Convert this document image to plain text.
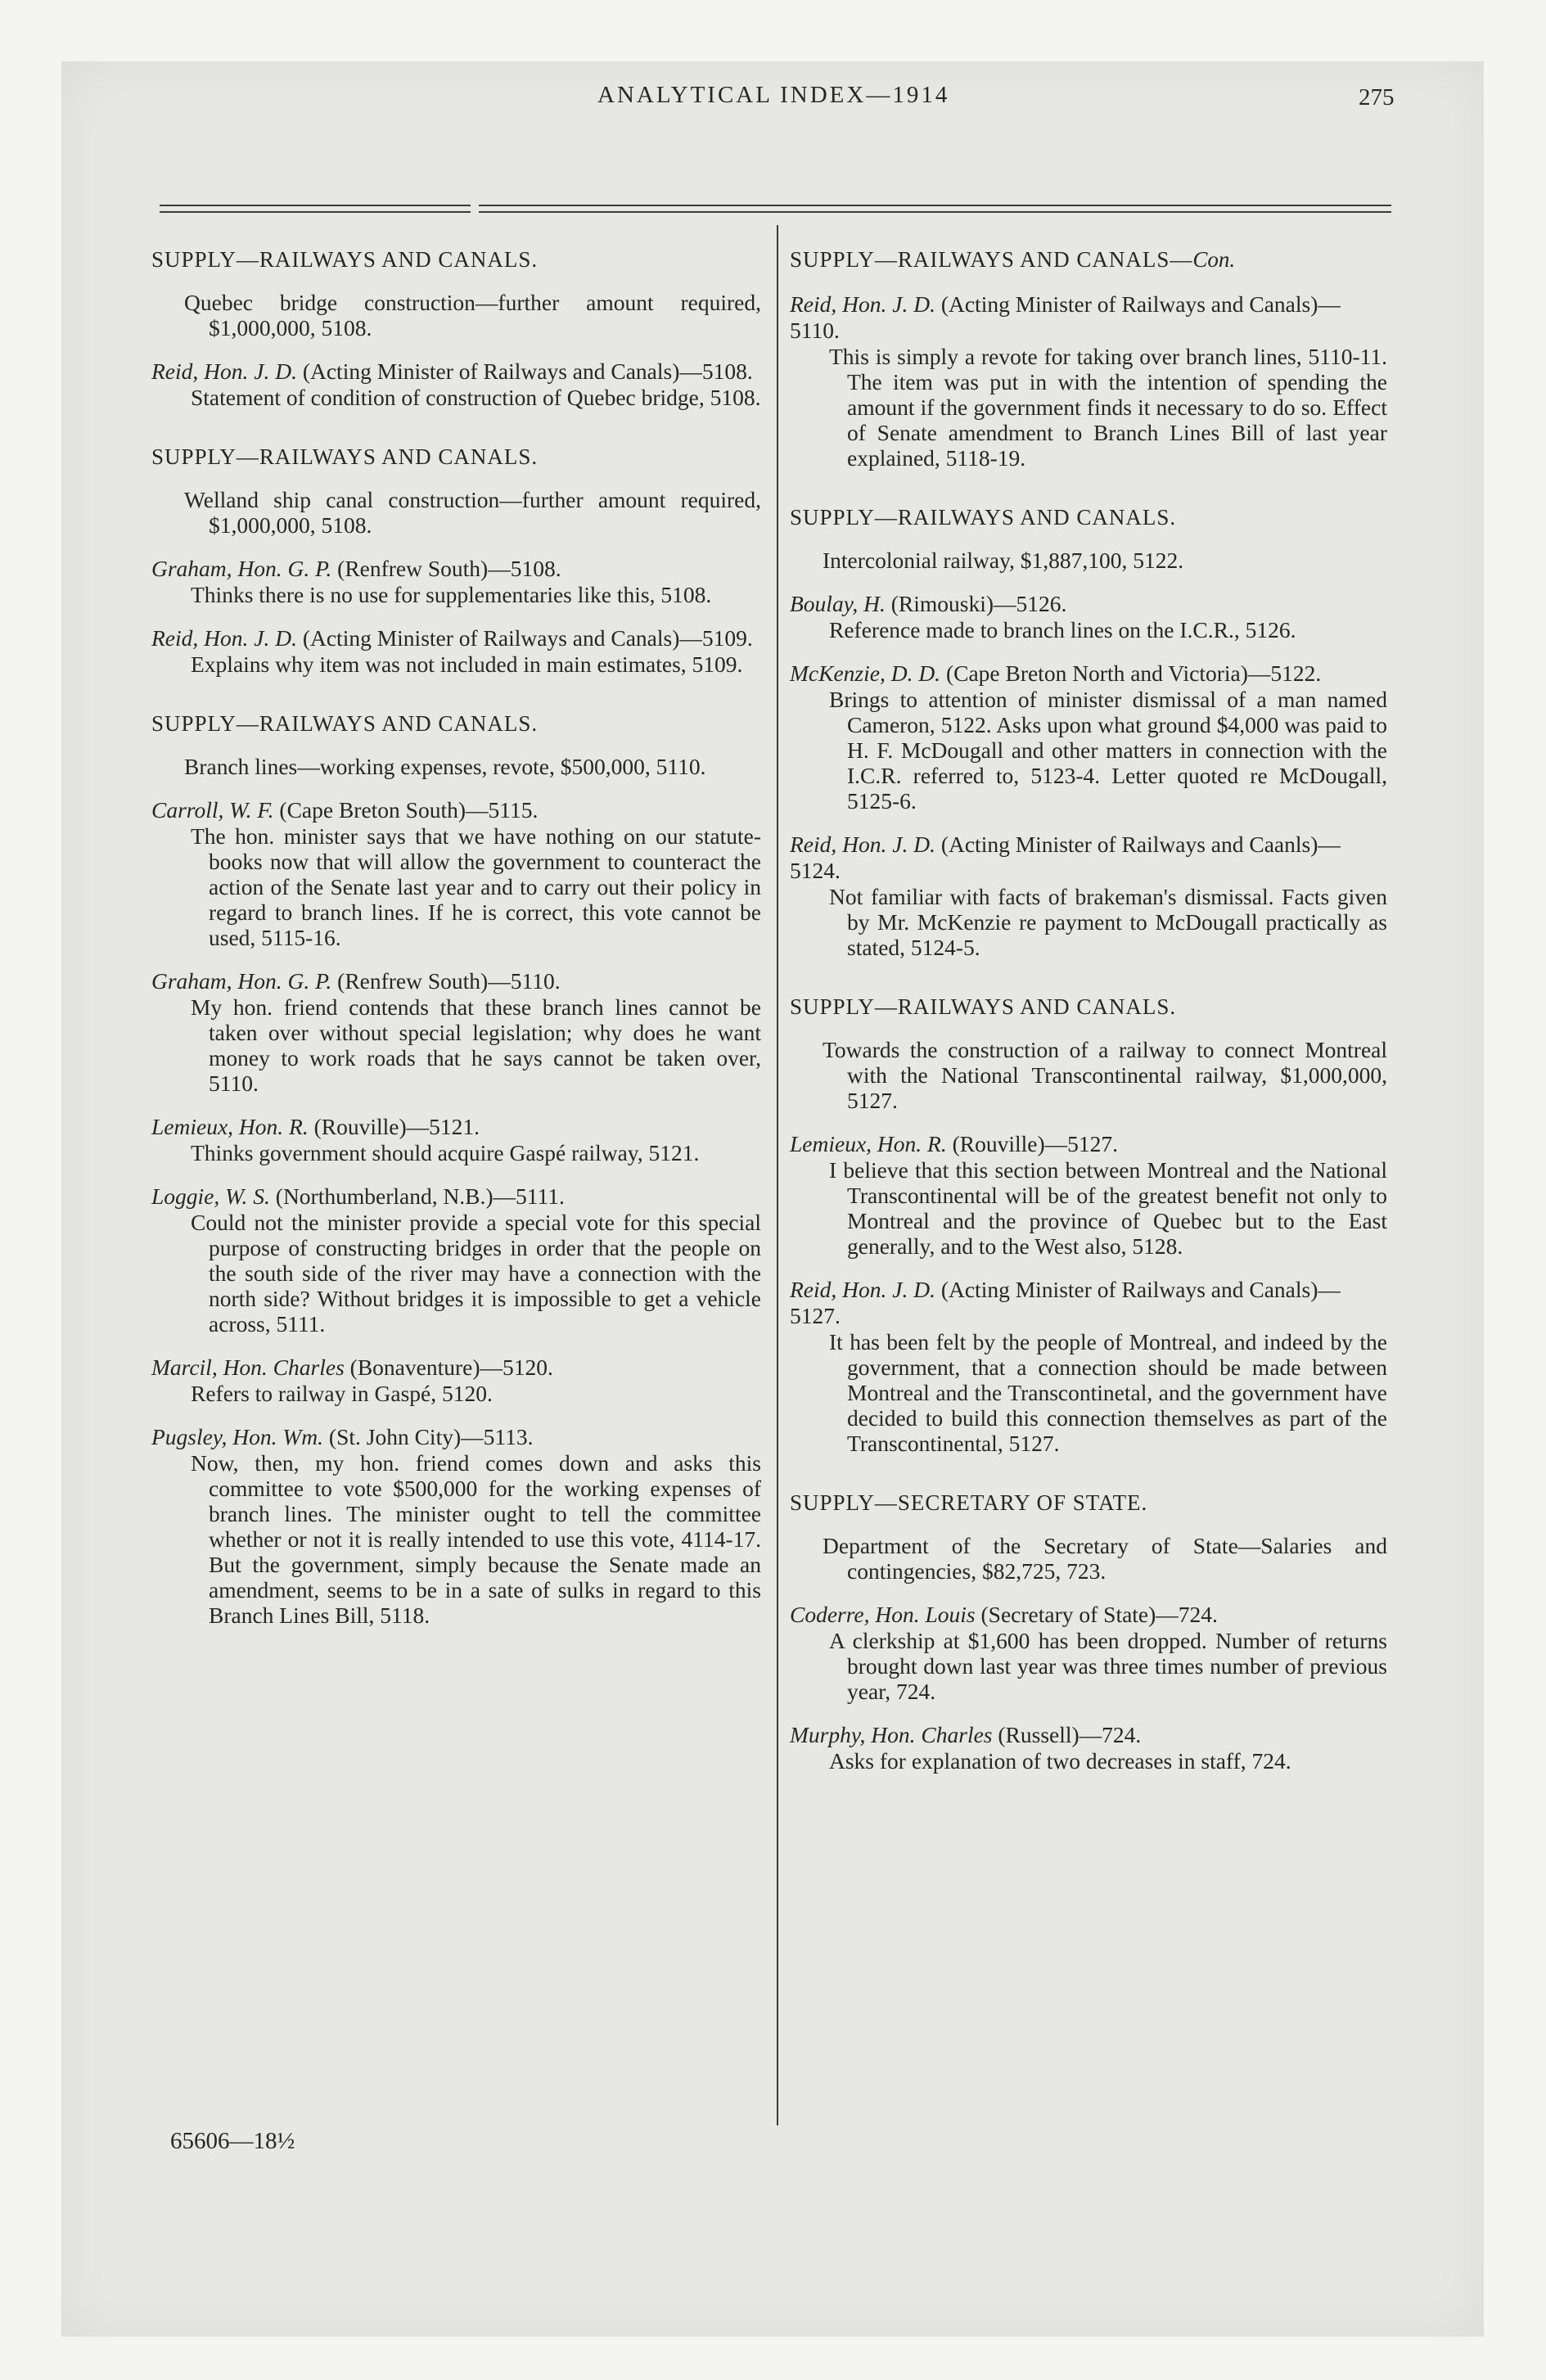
ANALYTICAL INDEX—1914	275
SUPPLY—RAILWAYS AND CANALS.
Quebec bridge construction—further amount required, $1,000,000, 5108.
Reid, Hon. J. D. (Acting Minister of Railways and Canals)—5108.
Statement of condition of construction of Quebec bridge, 5108.
SUPPLY—RAILWAYS AND CANALS.
Welland ship canal construction—further amount required, $1,000,000, 5108.
Graham, Hon. G. P. (Renfrew South)—5108.
Thinks there is no use for supplementaries like this, 5108.
Reid, Hon. J. D. (Acting Minister of Railways and Canals)—5109.
Explains why item was not included in main estimates, 5109.
SUPPLY—RAILWAYS AND CANALS.
Branch lines—working expenses, revote, $500,000, 5110.
Carroll, W. F. (Cape Breton South)—5115.
The hon. minister says that we have nothing on our statute-books now that will allow the government to counteract the action of the Senate last year and to carry out their policy in regard to branch lines. If he is correct, this vote cannot be used, 5115-16.
Graham, Hon. G. P. (Renfrew South)—5110.
My hon. friend contends that these branch lines cannot be taken over without special legislation; why does he want money to work roads that he says cannot be taken over, 5110.
Lemieux, Hon. R. (Rouville)—5121.
Thinks government should acquire Gaspé railway, 5121.
Loggie, W. S. (Northumberland, N.B.)—5111.
Could not the minister provide a special vote for this special purpose of constructing bridges in order that the people on the south side of the river may have a connection with the north side? Without bridges it is impossible to get a vehicle across, 5111.
Marcil, Hon. Charles (Bonaventure)—5120.
Refers to railway in Gaspé, 5120.
Pugsley, Hon. Wm. (St. John City)—5113.
Now, then, my hon. friend comes down and asks this committee to vote $500,000 for the working expenses of branch lines. The minister ought to tell the committee whether or not it is really intended to use this vote, 4114-17. But the government, simply because the Senate made an amendment, seems to be in a sate of sulks in regard to this Branch Lines Bill, 5118.
SUPPLY—RAILWAYS AND CANALS—Con.
Reid, Hon. J. D. (Acting Minister of Railways and Canals)—5110.
This is simply a revote for taking over branch lines, 5110-11. The item was put in with the intention of spending the amount if the government finds it necessary to do so. Effect of Senate amendment to Branch Lines Bill of last year explained, 5118-19.
SUPPLY—RAILWAYS AND CANALS.
Intercolonial railway, $1,887,100, 5122.
Boulay, H. (Rimouski)—5126.
Reference made to branch lines on the I.C.R., 5126.
McKenzie, D. D. (Cape Breton North and Victoria)—5122.
Brings to attention of minister dismissal of a man named Cameron, 5122. Asks upon what ground $4,000 was paid to H. F. McDougall and other matters in connection with the I.C.R. referred to, 5123-4. Letter quoted re McDougall, 5125-6.
Reid, Hon. J. D. (Acting Minister of Railways and Caanls)—5124.
Not familiar with facts of brakeman's dismissal. Facts given by Mr. McKenzie re payment to McDougall practically as stated, 5124-5.
SUPPLY—RAILWAYS AND CANALS.
Towards the construction of a railway to connect Montreal with the National Transcontinental railway, $1,000,000, 5127.
Lemieux, Hon. R. (Rouville)—5127.
I believe that this section between Montreal and the National Transcontinental will be of the greatest benefit not only to Montreal and the province of Quebec but to the East generally, and to the West also, 5128.
Reid, Hon. J. D. (Acting Minister of Railways and Canals)—5127.
It has been felt by the people of Montreal, and indeed by the government, that a connection should be made between Montreal and the Transcontinetal, and the government have decided to build this connection themselves as part of the Transcontinental, 5127.
SUPPLY—SECRETARY OF STATE.
Department of the Secretary of State—Salaries and contingencies, $82,725, 723.
Coderre, Hon. Louis (Secretary of State)—724.
A clerkship at $1,600 has been dropped. Number of returns brought down last year was three times number of previous year, 724.
Murphy, Hon. Charles (Russell)—724.
Asks for explanation of two decreases in staff, 724.
65606—18½
